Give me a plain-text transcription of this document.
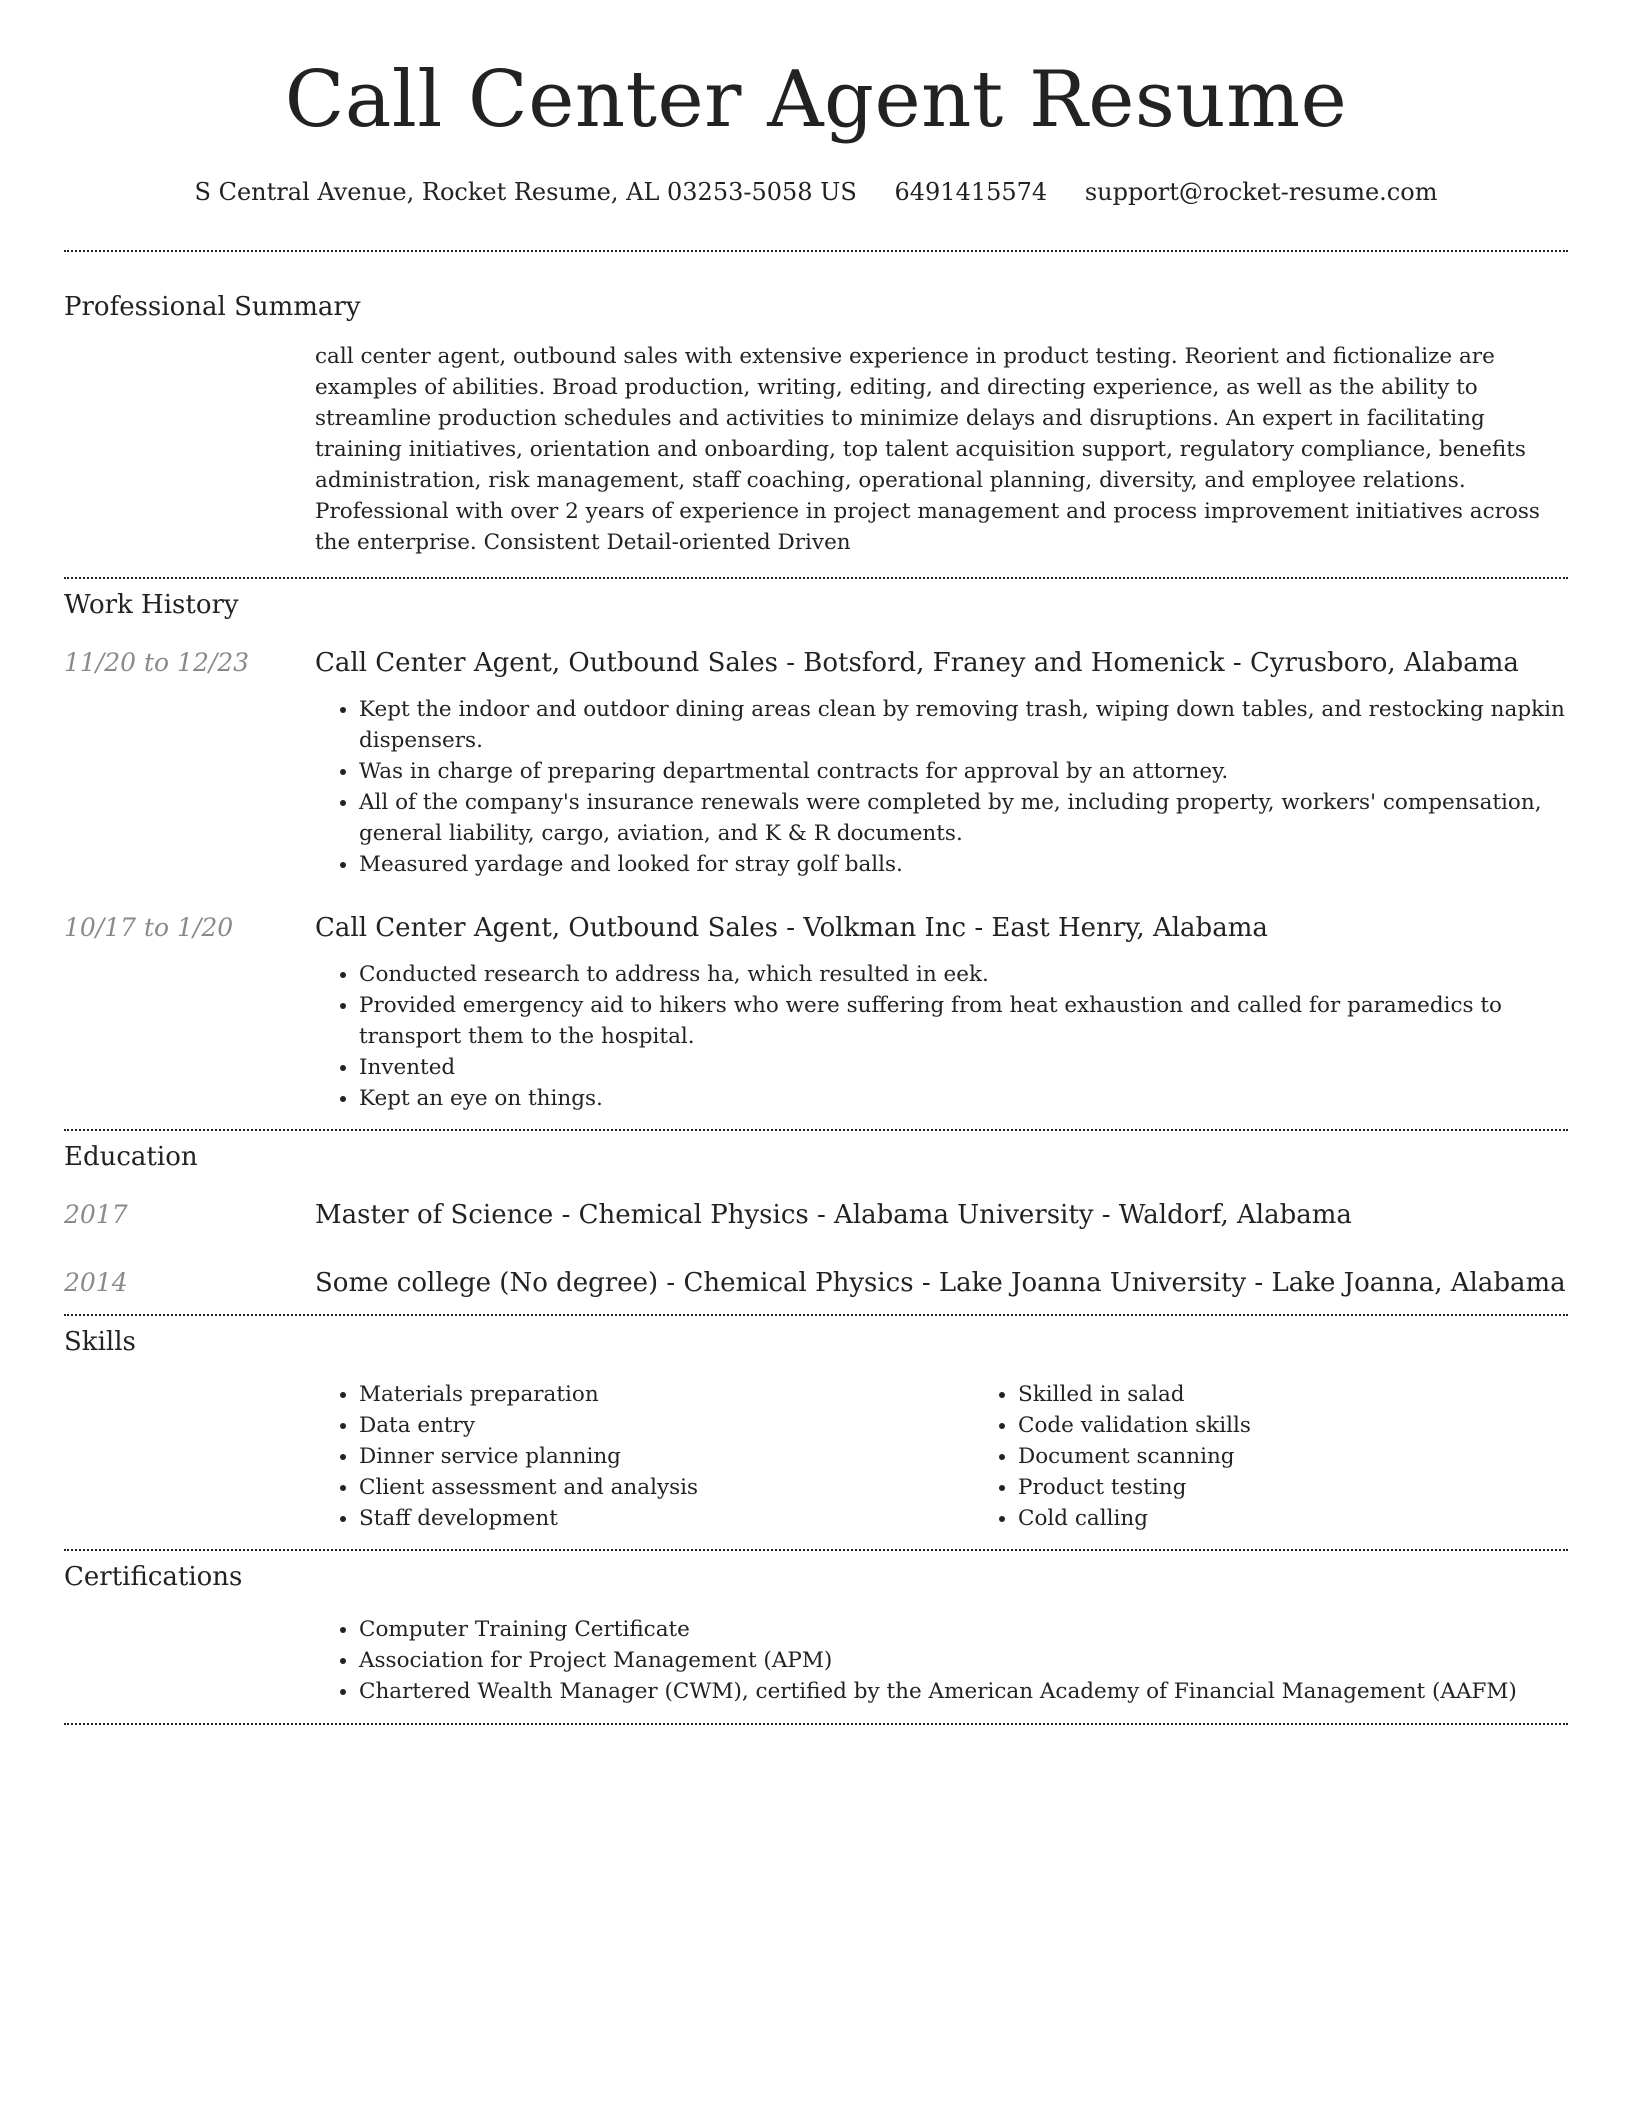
Call Center Agent Resume
S Central Avenue, Rocket Resume, AL 03253-5058 US 6491415574 support@rocket-resume.com
Professional Summary

call center agent, outbound sales with extensive experience in product testing. Reorient and fictionalize are examples of abilities. Broad production, writing, editing, and directing experience, as well as the ability to streamline production schedules and activities to minimize delays and disruptions. An expert in facilitating training initiatives, orientation and onboarding, top talent acquisition support, regulatory compliance, benefits administration, risk management, staff coaching, operational planning, diversity, and employee relations. Professional with over 2 years of experience in project management and process improvement initiatives across the enterprise. Consistent Detail-oriented Driven

Work History
11/20 to 12/23	Call Center Agent, Outbound Sales - Botsford, Franey and Homenick - Cyrusboro, Alabama
• Kept the indoor and outdoor dining areas clean by removing trash, wiping down tables, and restocking napkin dispensers.
• Was in charge of preparing departmental contracts for approval by an attorney.
• All of the company's insurance renewals were completed by me, including property, workers' compensation, general liability, cargo, aviation, and K & R documents.
• Measured yardage and looked for stray golf balls.
10/17 to 1/20	Call Center Agent, Outbound Sales - Volkman Inc - East Henry, Alabama
• Conducted research to address ha, which resulted in eek.
• Provided emergency aid to hikers who were suffering from heat exhaustion and called for paramedics to transport them to the hospital.
• Invented
• Kept an eye on things.
Education
2017	Master of Science - Chemical Physics - Alabama University - Waldorf, Alabama
2014	Some college (No degree) - Chemical Physics - Lake Joanna University - Lake Joanna, Alabama
Skills
• Materials preparation
• Data entry
• Dinner service planning
• Client assessment and analysis
• Staff development
• Skilled in salad
• Code validation skills
• Document scanning
• Product testing
• Cold calling
Certifications
• Computer Training Certificate
• Association for Project Management (APM)
• Chartered Wealth Manager (CWM), certified by the American Academy of Financial Management (AAFM)
